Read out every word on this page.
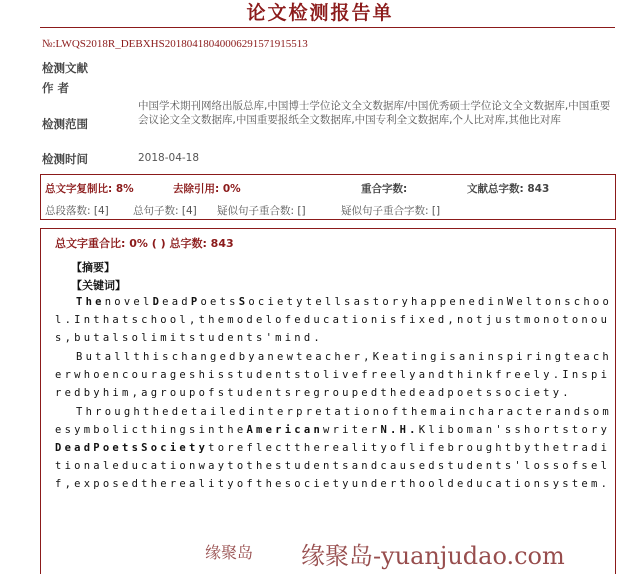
论文检测报告单
№:LWQS2018R_DEBXHS20180418040006291571915513
检测文献
作 者
检测范围
中国学术期刊网络出版总库,中国博士学位论文全文数据库/中国优秀硕士学位论文全文数据库,中国重要会议论文全文数据库,中国重要报纸全文数据库,中国专利全文数据库,个人比对库,其他比对库
检测时间	2018-04-18
总文字复制比: 8%	去除引用: 0%	重合字数:	文献总字数: 843
总段落数: [4] 总句子数: [4] 疑似句子重合数: []	疑似句子重合字数: []
总文字重合比: 0% ( ) 总字数: 843
【摘要】
【关键词】

ThenovelDeadPoetsSocietytellsastoryhappenedinWeltonschool.Inthatschool,themodelofeducationisfixed,notjustmonotonous,butalsolimitstudents'mind.

Butallthischangedbyanewteacher,Keatingisaninspiringteacherwhoencourageshisstudentstolivefreelyandthinkfreely.Inspiredbyhim,agroupofstudentsregroupedthedeadpoetssociety.

ThroughthedetailedinterpretationofthemaincharacterandsomesymbolicthingsintheAmericanwriterN.H.Kliboman'sshortstoryDeadPoetsSocietytoreflecttherealityoflifebroughtbythetraditionaleducationwaytothestudentsandcausedstudents'lossofself,exposedtherealityofthesocietyunderthooldeducationsystem.

缘聚岛 缘聚岛-yuanjudao.com
